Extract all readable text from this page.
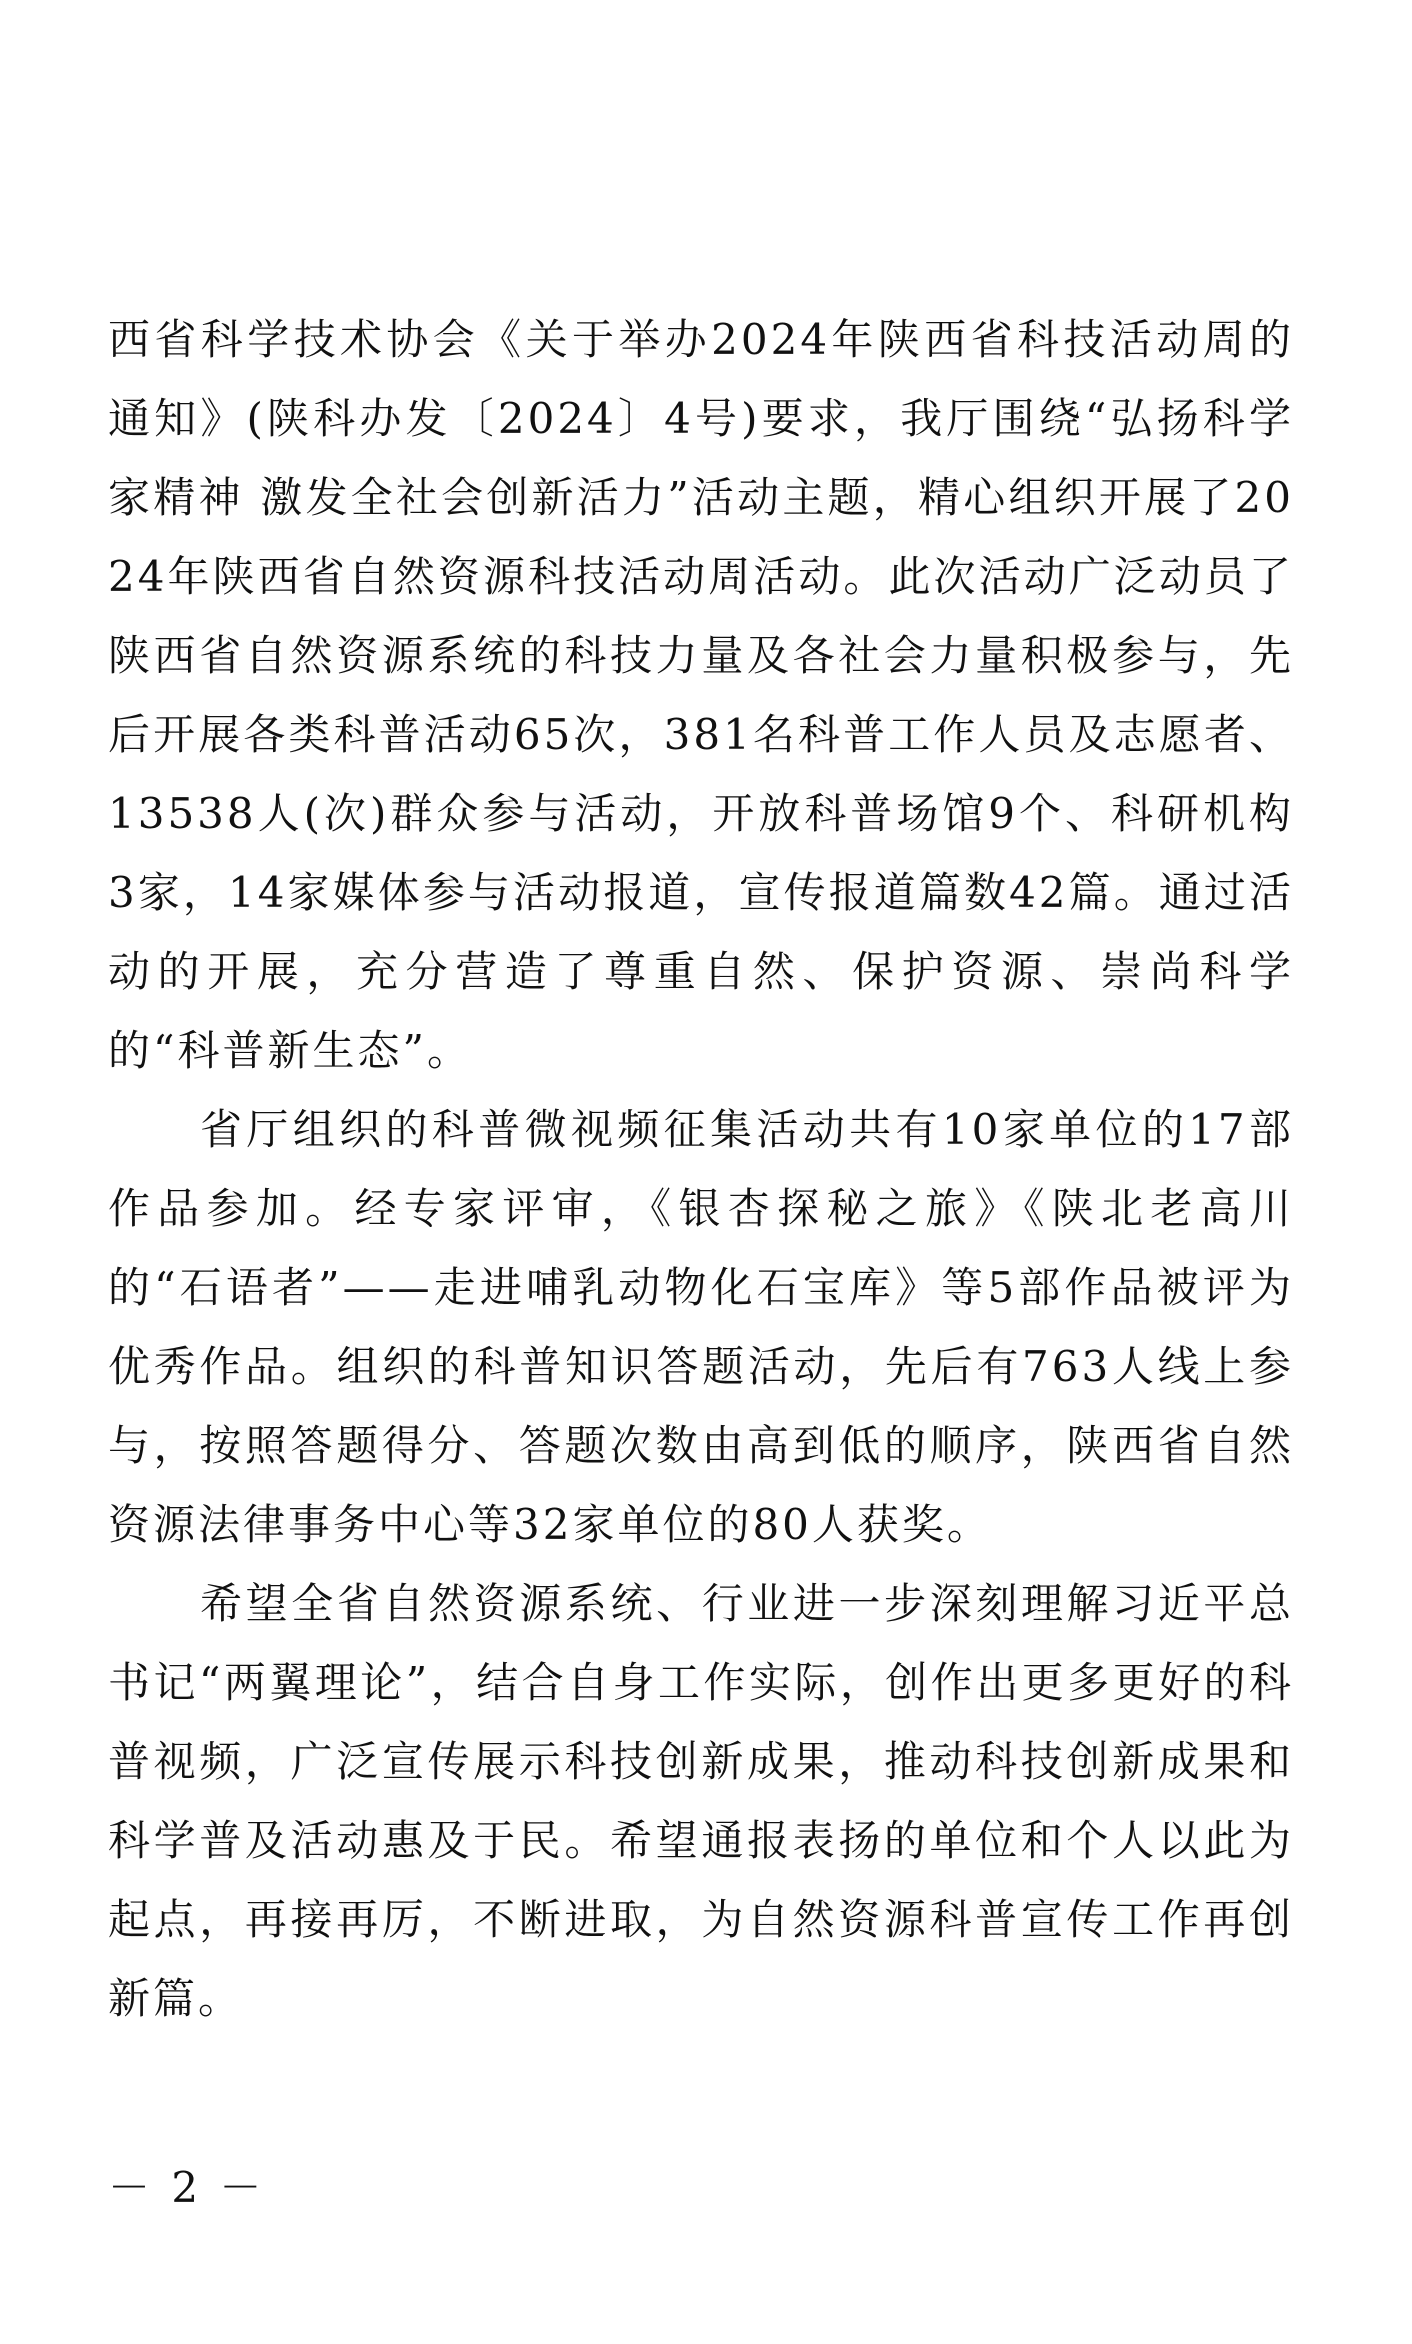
西省科学技术协会《关于举办2024年陕西省科技活动周的通知》(陕科办发〔2024〕4号)要求，我厅围绕“弘扬科学家精神 激发全社会创新活力”活动主题，精心组织开展了2024年陕西省自然资源科技活动周活动。此次活动广泛动员了陕西省自然资源系统的科技力量及各社会力量积极参与，先后开展各类科普活动65次，381名科普工作人员及志愿者、13538人(次)群众参与活动，开放科普场馆9个、科研机构3家，14家媒体参与活动报道，宣传报道篇数42篇。通过活动的开展，充分营造了尊重自然、保护资源、崇尚科学的“科普新生态”。

省厅组织的科普微视频征集活动共有10家单位的17部作品参加。经专家评审，《银杏探秘之旅》《陕北老高川的“石语者”——走进哺乳动物化石宝库》等5部作品被评为优秀作品。组织的科普知识答题活动，先后有763人线上参与，按照答题得分、答题次数由高到低的顺序，陕西省自然资源法律事务中心等32家单位的80人获奖。

希望全省自然资源系统、行业进一步深刻理解习近平总书记“两翼理论”，结合自身工作实际，创作出更多更好的科普视频，广泛宣传展示科技创新成果，推动科技创新成果和科学普及活动惠及于民。希望通报表扬的单位和个人以此为起点，再接再厉，不断进取，为自然资源科普宣传工作再创新篇。

－ 2 －
